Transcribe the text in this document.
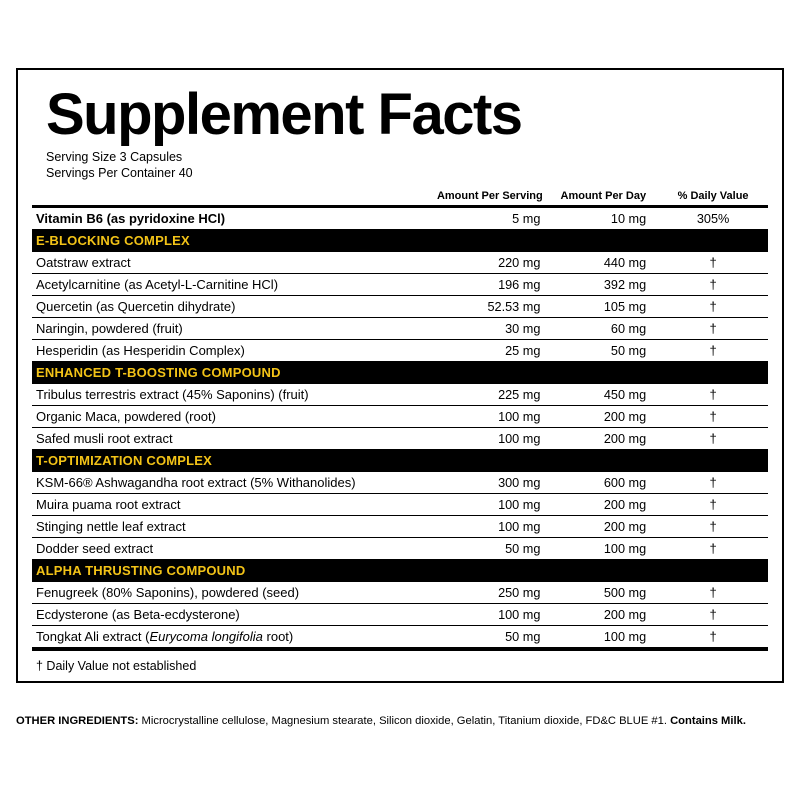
Supplement Facts
Serving Size 3 Capsules
Servings Per Container 40
	Amount Per Serving	Amount Per Day	% Daily Value
Vitamin B6 (as pyridoxine HCl)	5 mg	10 mg	305%
E-BLOCKING COMPLEX			
Oatstraw extract	220 mg	440 mg	†
Acetylcarnitine (as Acetyl-L-Carnitine HCl)	196 mg	392 mg	†
Quercetin (as Quercetin dihydrate)	52.53 mg	105 mg	†
Naringin, powdered (fruit)	30 mg	60 mg	†
Hesperidin (as Hesperidin Complex)	25 mg	50 mg	†
ENHANCED T-BOOSTING COMPOUND			
Tribulus terrestris extract (45% Saponins) (fruit)	225 mg	450 mg	†
Organic Maca, powdered (root)	100 mg	200 mg	†
Safed musli root extract	100 mg	200 mg	†
T-OPTIMIZATION COMPLEX			
KSM-66® Ashwagandha root extract (5% Withanolides)	300 mg	600 mg	†
Muira puama root extract	100 mg	200 mg	†
Stinging nettle leaf extract	100 mg	200 mg	†
Dodder seed extract	50 mg	100 mg	†
ALPHA THRUSTING COMPOUND			
Fenugreek (80% Saponins), powdered (seed)	250 mg	500 mg	†
Ecdysterone (as Beta-ecdysterone)	100 mg	200 mg	†
Tongkat Ali extract (Eurycoma longifolia root)	50 mg	100 mg	†
† Daily Value not established
OTHER INGREDIENTS: Microcrystalline cellulose, Magnesium stearate, Silicon dioxide, Gelatin, Titanium dioxide, FD&C BLUE #1. Contains Milk.
